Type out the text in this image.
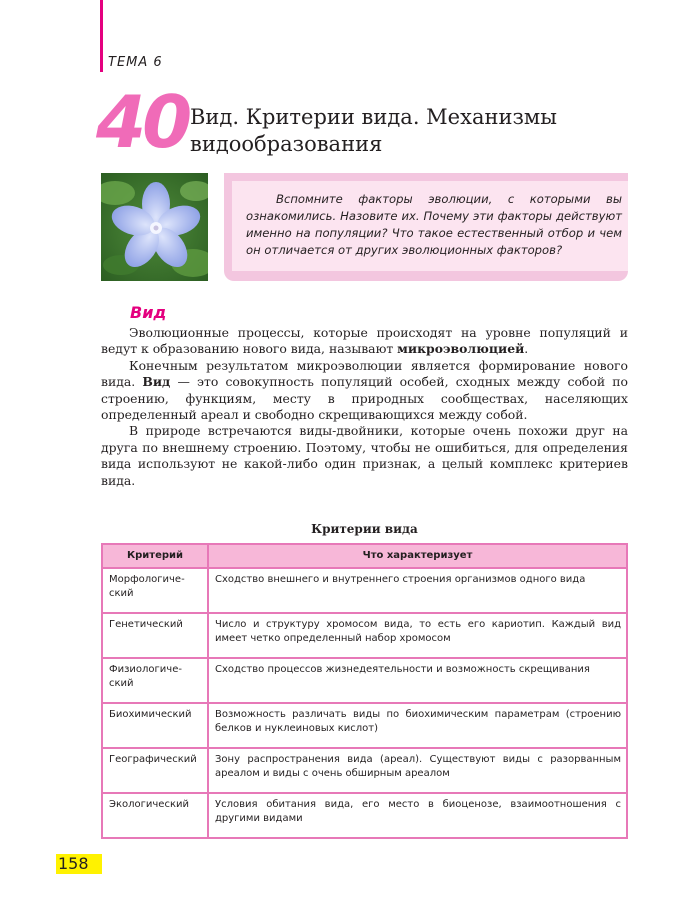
ТЕМА 6
40 Вид. Критерии вида. Механизмы видообразования

Вспомните факторы эволюции, с которыми вы ознакомились. Назовите их. Почему эти факторы действуют именно на популяции? Что такое естественный отбор и чем он отличается от других эволюционных факторов?

Вид

Эволюционные процессы, которые происходят на уровне популяций и ведут к образованию нового вида, называют микроэволюцией.

Конечным результатом микроэволюции является формирование нового вида. Вид — это совокупность популяций особей, сходных между собой по строению, функциям, месту в природных сообществах, населяющих определенный ареал и свободно скрещивающихся между собой.

В природе встречаются виды-двойники, которые очень похожи друг на друга по внешнему строению. Поэтому, чтобы не ошибиться, для определения вида используют не какой-либо один признак, а целый комплекс критериев вида.

Критерии вида
Критерий	Что характеризует
Морфологиче-ский	Сходство внешнего и внутреннего строения организмов одного вида
Генетический	Число и структуру хромосом вида, то есть его кариотип. Каждый вид имеет четко определенный набор хромосом
Физиологиче-ский	Сходство процессов жизнедеятельности и возможность скрещивания
Биохимический	Возможность различать виды по биохимическим параметрам (строению белков и нуклеиновых кислот)
Географический	Зону распространения вида (ареал). Существуют виды с разорванным ареалом и виды с очень обширным ареалом
Экологический	Условия обитания вида, его место в биоценозе, взаимоотношения с другими видами
158
